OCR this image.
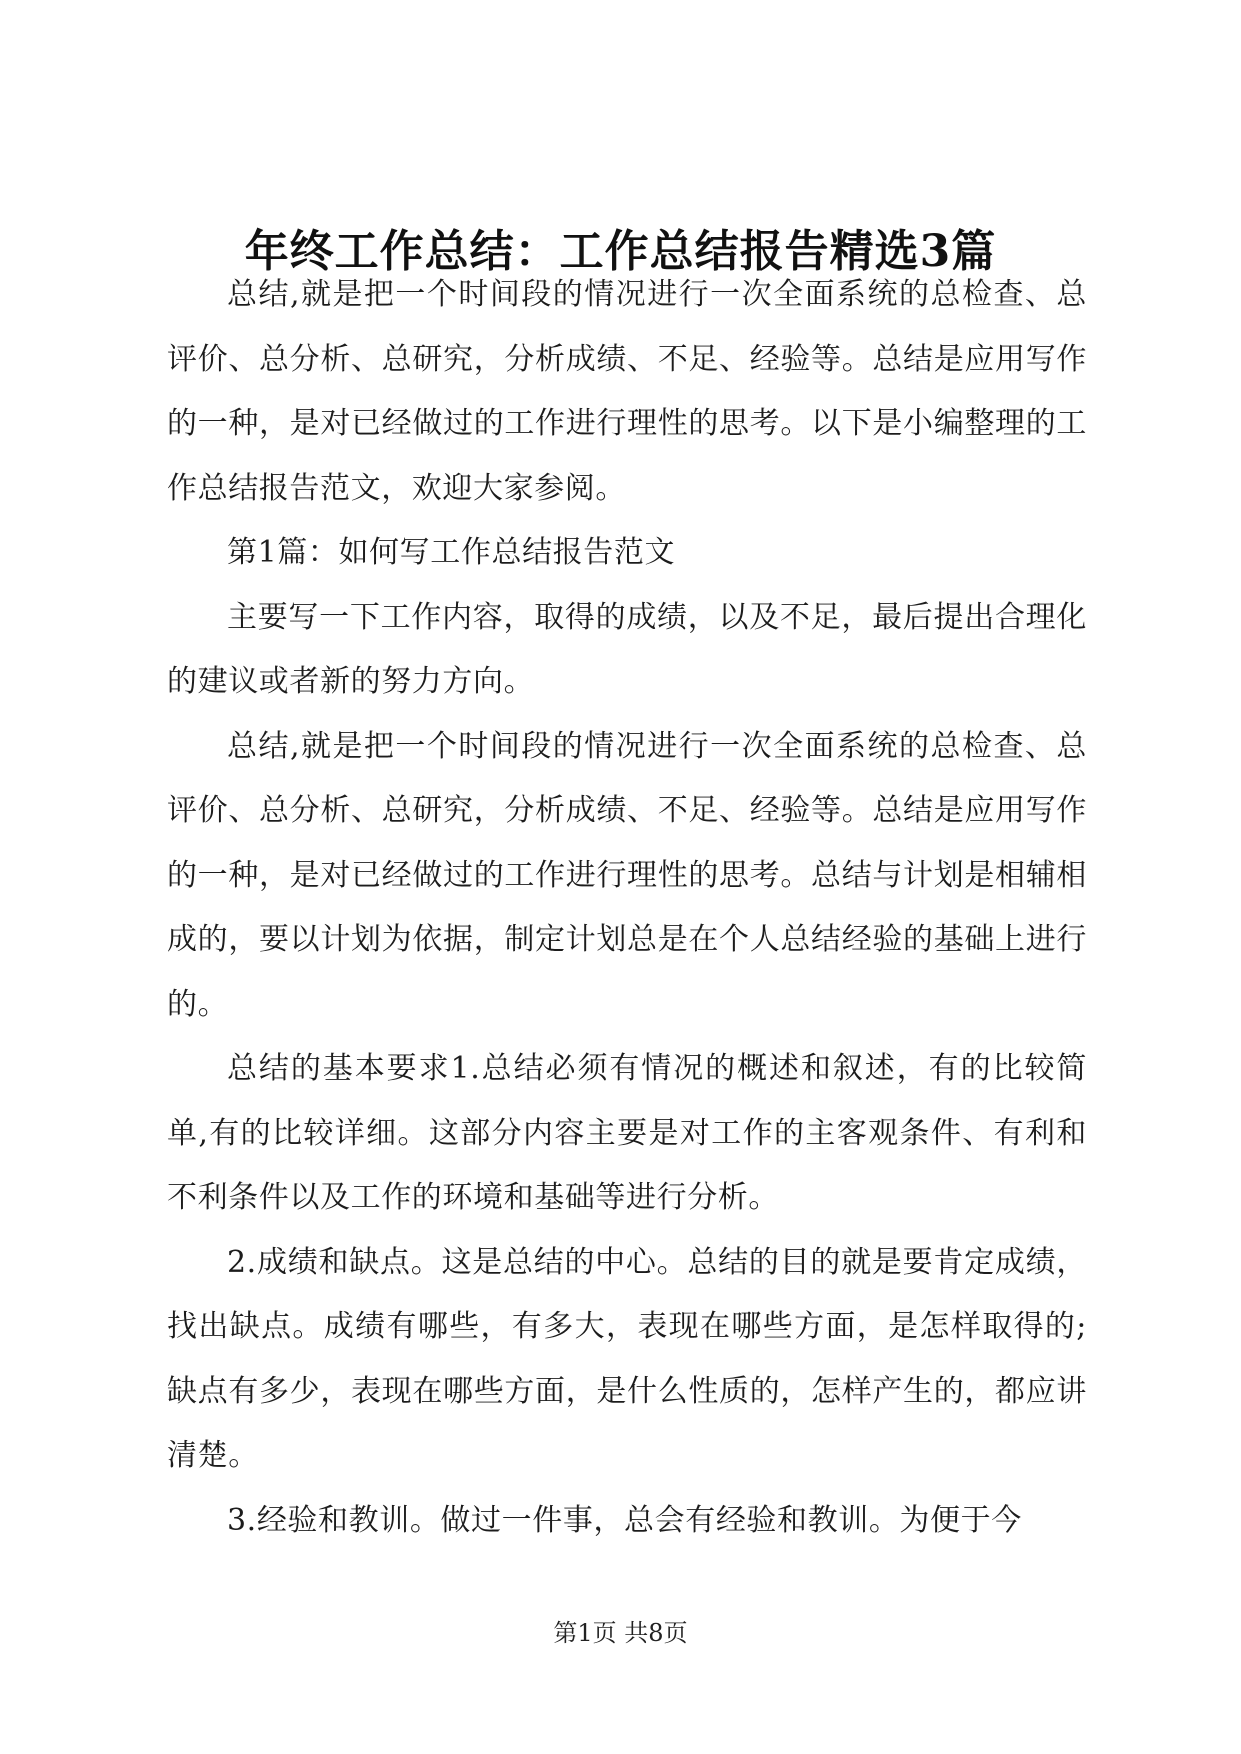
年终工作总结：工作总结报告精选3篇

总结,就是把一个时间段的情况进行一次全面系统的总检查、总评价、总分析、总研究，分析成绩、不足、经验等。总结是应用写作的一种，是对已经做过的工作进行理性的思考。以下是小编整理的工作总结报告范文，欢迎大家参阅。

第1篇：如何写工作总结报告范文

主要写一下工作内容，取得的成绩，以及不足，最后提出合理化的建议或者新的努力方向。

总结,就是把一个时间段的情况进行一次全面系统的总检查、总评价、总分析、总研究，分析成绩、不足、经验等。总结是应用写作的一种，是对已经做过的工作进行理性的思考。总结与计划是相辅相成的，要以计划为依据，制定计划总是在个人总结经验的基础上进行的。

总结的基本要求1.总结必须有情况的概述和叙述，有的比较简单,有的比较详细。这部分内容主要是对工作的主客观条件、有利和不利条件以及工作的环境和基础等进行分析。

2.成绩和缺点。这是总结的中心。总结的目的就是要肯定成绩，找出缺点。成绩有哪些，有多大，表现在哪些方面，是怎样取得的;缺点有多少，表现在哪些方面，是什么性质的，怎样产生的，都应讲清楚。

3.经验和教训。做过一件事，总会有经验和教训。为便于今

第1页 共8页
